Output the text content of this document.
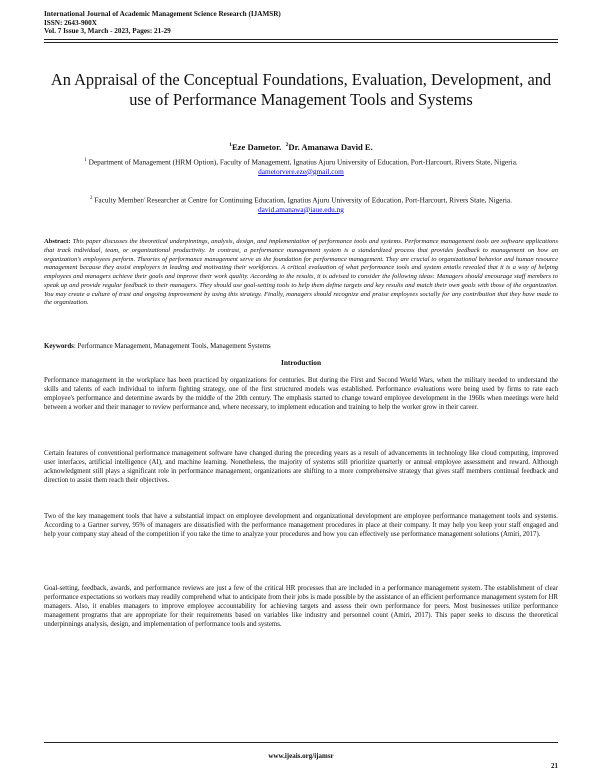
International Journal of Academic Management Science Research (IJAMSR)
ISSN: 2643-900X
Vol. 7 Issue 3, March - 2023, Pages: 21-29
An Appraisal of the Conceptual Foundations, Evaluation, Development, and use of Performance Management Tools and Systems
$^1$Eze Dametor. $^2$Dr. Amanawa David E.
$^1$ Department of Management (HRM Option), Faculty of Management, Ignatius Ajuru University of Education, Port-Harcourt, Rivers State, Nigeria.
dametorvere.eze@gmail.com
$^2$ Faculty Member/ Researcher at Centre for Continuing Education, Ignatius Ajuru University of Education, Port-Harcourt, Rivers State, Nigeria.
david.amanawa@iaue.edu.ng
Abstract: This paper discusses the theoretical underpinnings, analysis, design, and implementation of performance tools and systems. Performance management tools are software applications that track individual, team, or organizational productivity. In contrast, a performance management system is a standardized process that provides feedback to management on how an organization's employees perform. Theories of performance management serve as the foundation for performance management. They are crucial to organizational behavior and human resource management because they assist employers in leading and motivating their workforces. A critical evaluation of what performance tools and system entails revealed that it is a way of helping employees and managers achieve their goals and improve their work quality. According to the results, it is advised to consider the following ideas: Managers should encourage staff members to speak up and provide regular feedback to their managers. They should use goal-setting tools to help them define targets and key results and match their own goals with those of the organization. You may create a culture of trust and ongoing improvement by using this strategy. Finally, managers should recognize and praise employees socially for any contribution that they have made to the organization.
Keywords: Performance Management, Management Tools, Management Systems
Introduction
Performance management in the workplace has been practiced by organizations for centuries. But during the First and Second World Wars, when the military needed to understand the skills and talents of each individual to inform fighting strategy, one of the first structured models was established. Performance evaluations were being used by firms to rate each employee's performance and determine awards by the middle of the 20th century. The emphasis started to change toward employee development in the 1960s when meetings were held between a worker and their manager to review performance and, where necessary, to implement education and training to help the worker grow in their career.
Certain features of conventional performance management software have changed during the preceding years as a result of advancements in technology like cloud computing, improved user interfaces, artificial intelligence (AI), and machine learning. Nonetheless, the majority of systems still prioritize quarterly or annual employee assessment and reward. Although acknowledgment still plays a significant role in performance management, organizations are shifting to a more comprehensive strategy that gives staff members continual feedback and direction to assist them reach their objectives.
Two of the key management tools that have a substantial impact on employee development and organizational development are employee performance management tools and systems. According to a Gartner survey, 95% of managers are dissatisfied with the performance management procedures in place at their company. It may help you keep your staff engaged and help your company stay ahead of the competition if you take the time to analyze your procedures and how you can effectively use performance management solutions (Amiri, 2017).
Goal-setting, feedback, awards, and performance reviews are just a few of the critical HR processes that are included in a performance management system. The establishment of clear performance expectations so workers may readily comprehend what to anticipate from their jobs is made possible by the assistance of an efficient performance management system for HR managers. Also, it enables managers to improve employee accountability for achieving targets and assess their own performance for peers. Most businesses utilize performance management programs that are appropriate for their requirements based on variables like industry and personnel count (Amiri, 2017). This paper seeks to discuss the theoretical underpinnings analysis, design, and implementation of performance tools and systems.
www.ijeais.org/ijamsr
21
